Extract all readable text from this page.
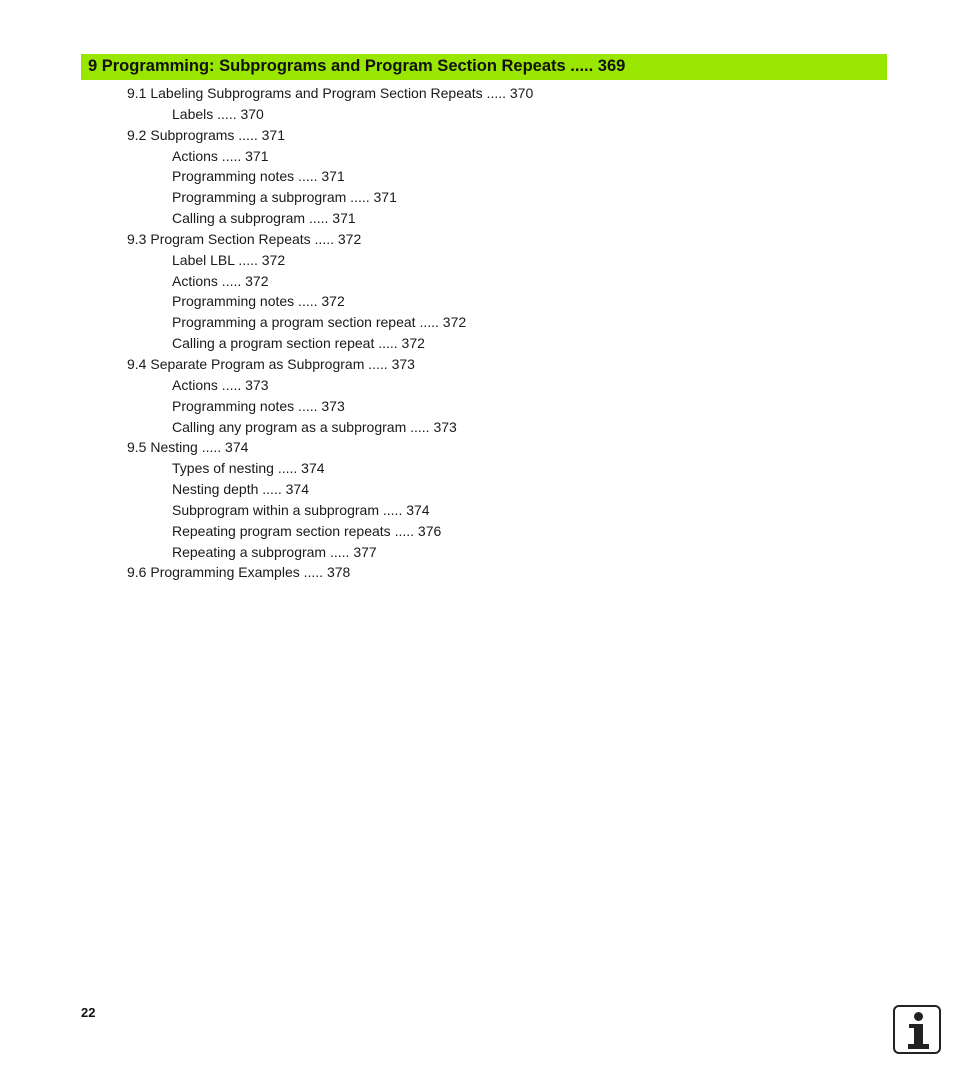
9 Programming: Subprograms and Program Section Repeats ..... 369
9.1 Labeling Subprograms and Program Section Repeats ..... 370
Labels ..... 370
9.2 Subprograms ..... 371
Actions ..... 371
Programming notes ..... 371
Programming a subprogram ..... 371
Calling a subprogram ..... 371
9.3 Program Section Repeats ..... 372
Label LBL ..... 372
Actions ..... 372
Programming notes ..... 372
Programming a program section repeat ..... 372
Calling a program section repeat ..... 372
9.4 Separate Program as Subprogram ..... 373
Actions ..... 373
Programming notes ..... 373
Calling any program as a subprogram ..... 373
9.5 Nesting ..... 374
Types of nesting ..... 374
Nesting depth ..... 374
Subprogram within a subprogram ..... 374
Repeating program section repeats ..... 376
Repeating a subprogram ..... 377
9.6 Programming Examples ..... 378
22
